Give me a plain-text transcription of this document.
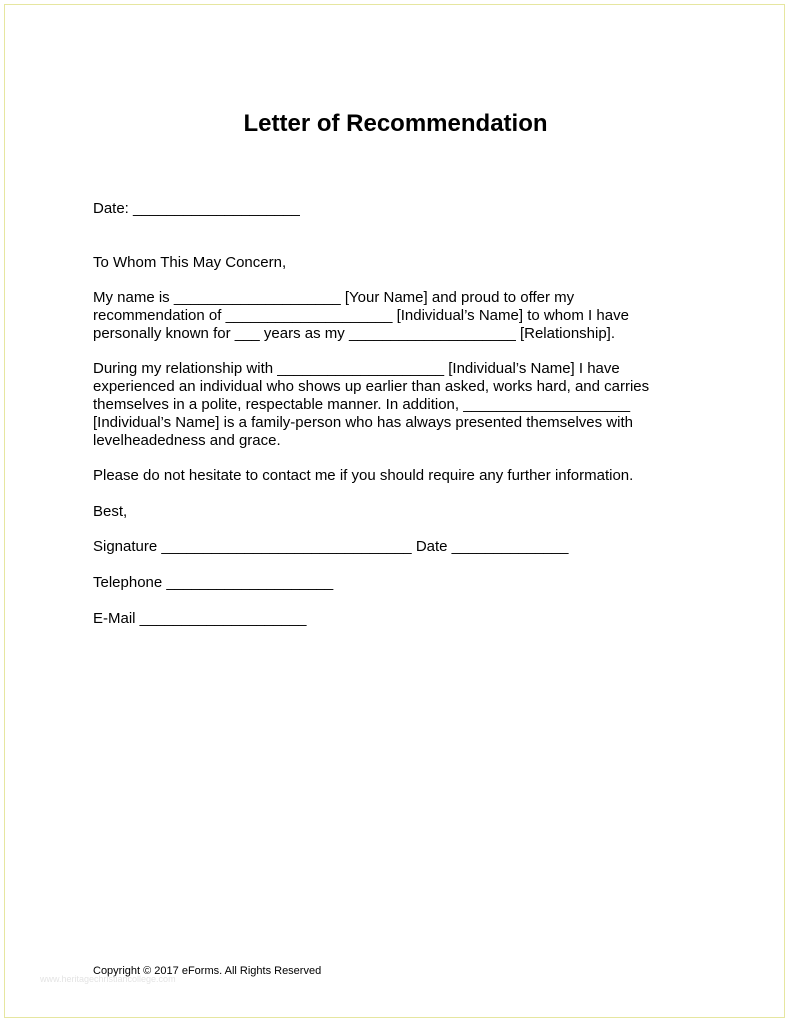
Letter of Recommendation

Date: ____________________

To Whom This May Concern,

My name is ____________________ [Your Name] and proud to offer my

recommendation of ____________________ [Individual’s Name] to whom I have

personally known for ___ years as my ____________________ [Relationship].

During my relationship with ____________________ [Individual’s Name] I have

experienced an individual who shows up earlier than asked, works hard, and carries

themselves in a polite, respectable manner. In addition, ____________________

[Individual’s Name] is a family-person who has always presented themselves with

levelheadedness and grace.

Please do not hesitate to contact me if you should require any further information.

Best,

Signature ______________________________ Date ______________

Telephone ____________________

E-Mail ____________________

Copyright © 2017 eForms. All Rights Reserved
www.heritagechristiancollege.com
